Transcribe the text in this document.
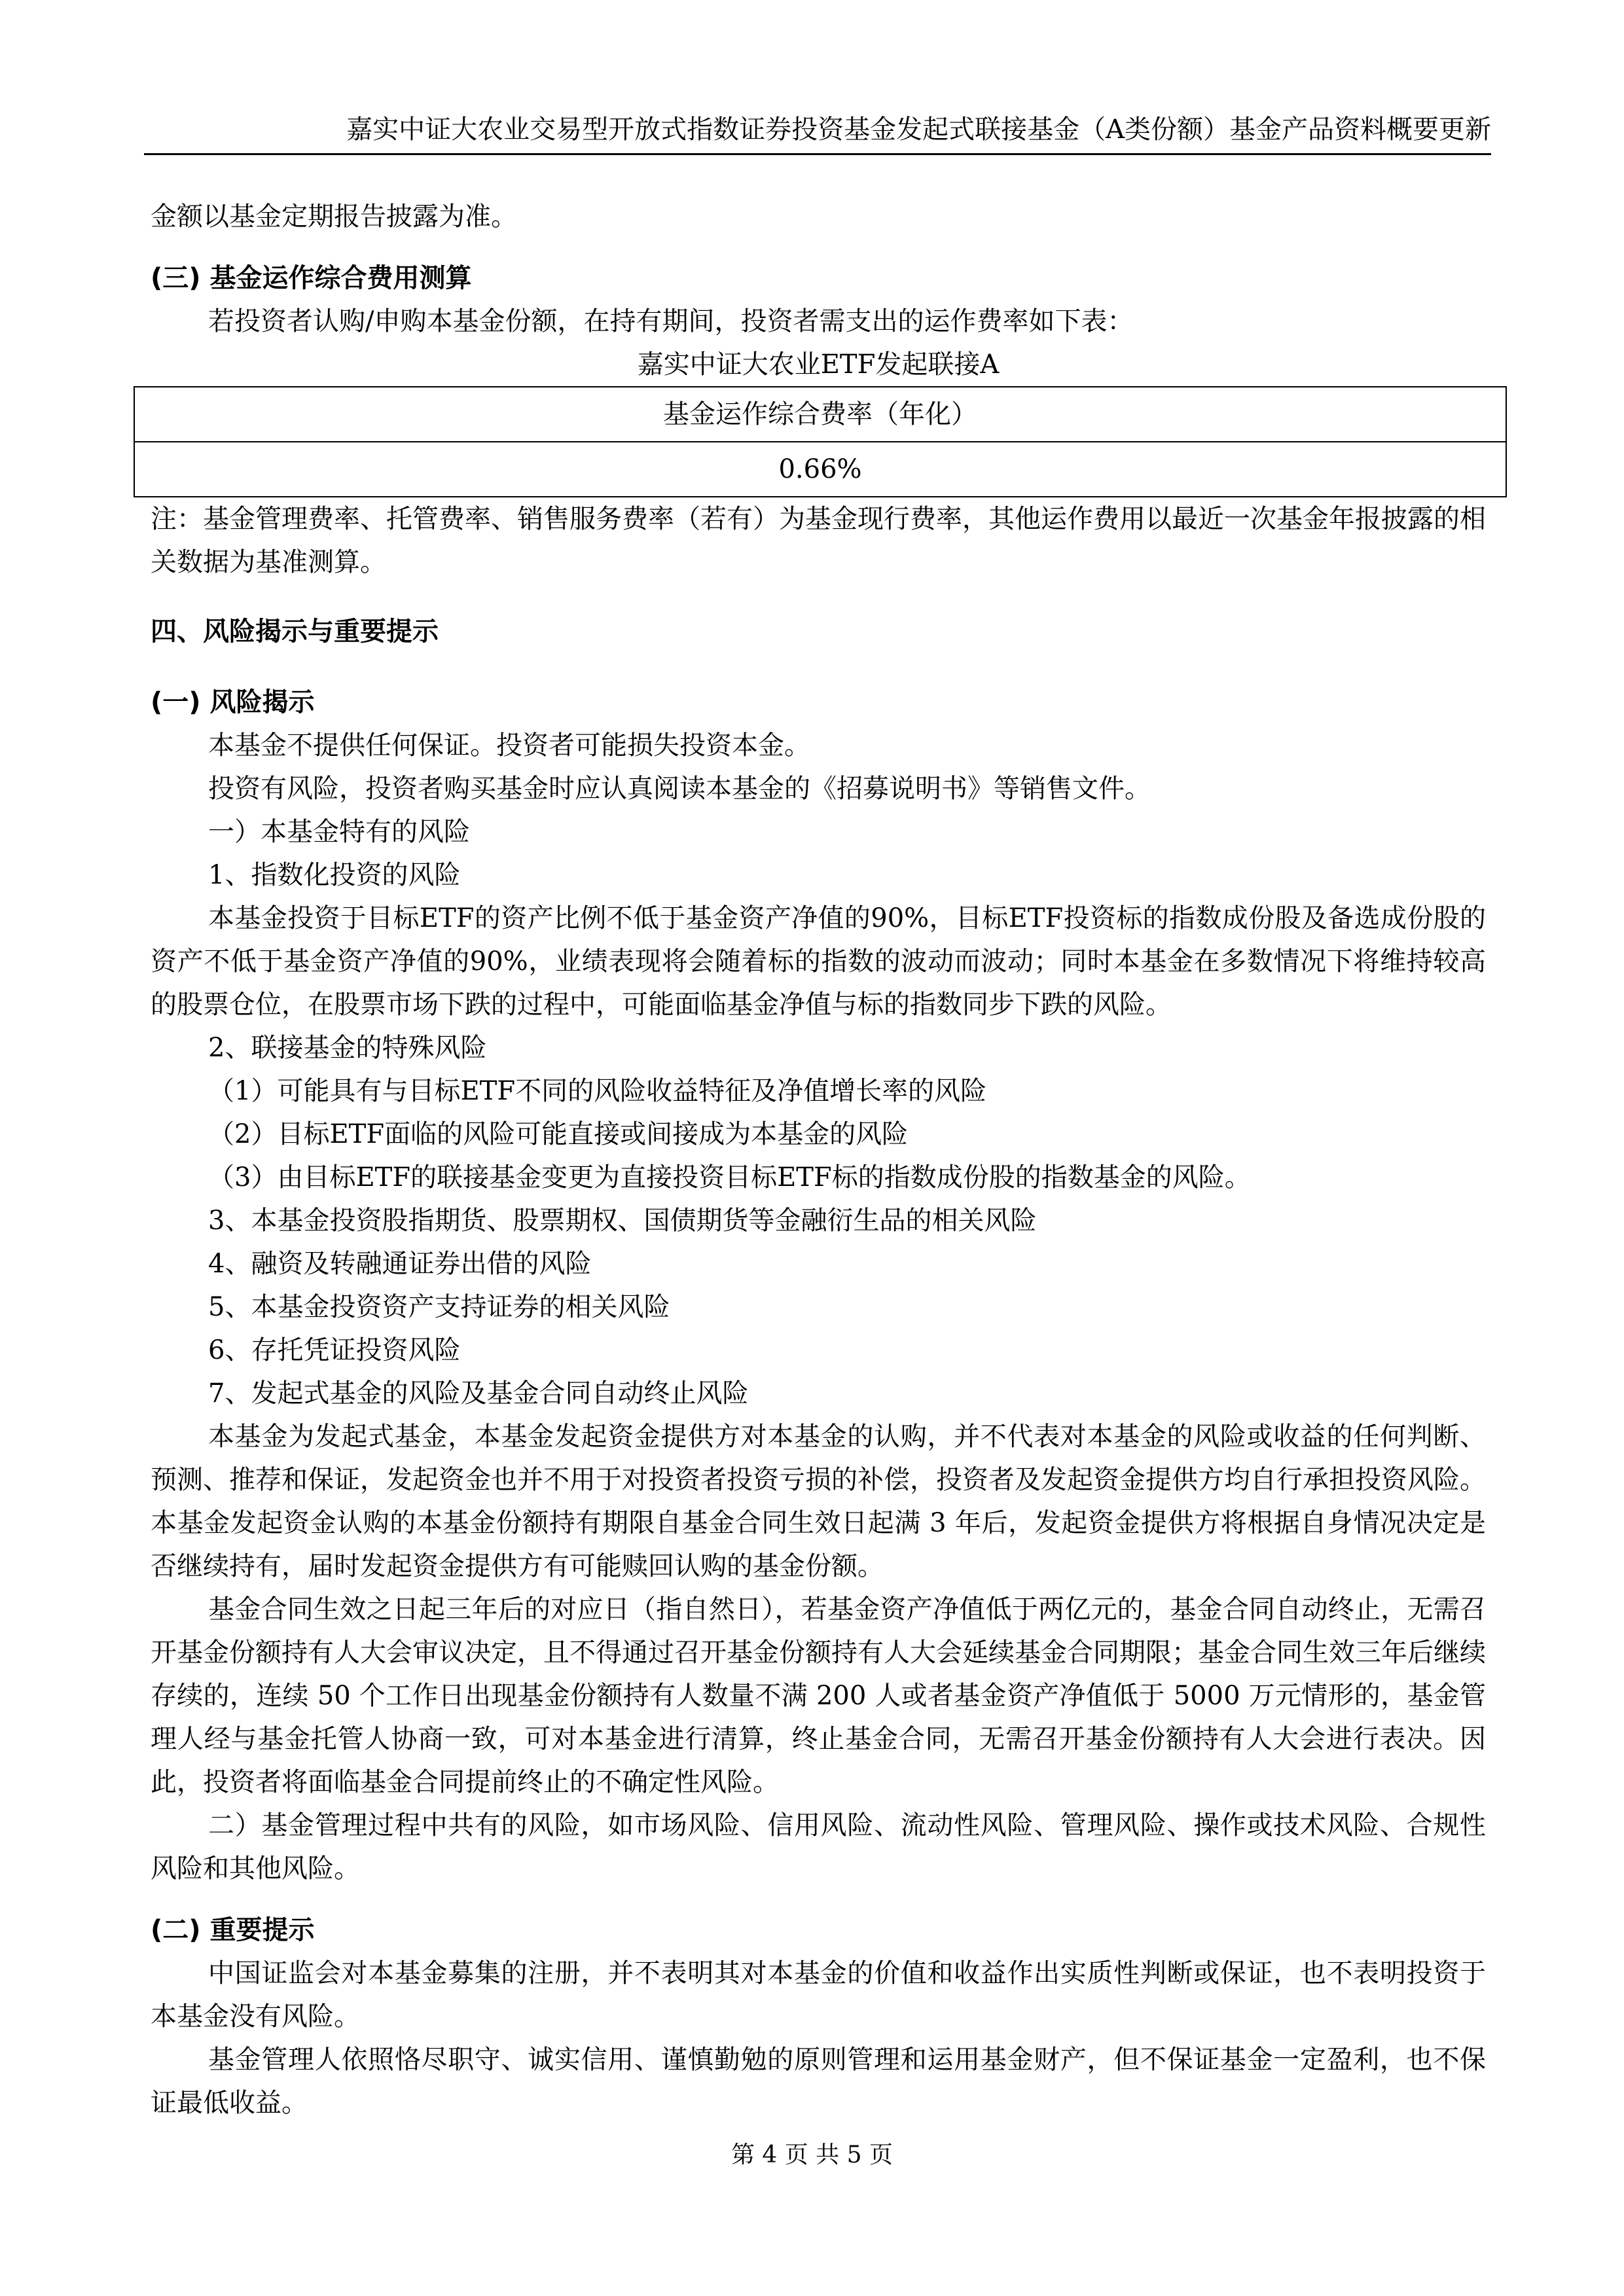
嘉实中证大农业交易型开放式指数证券投资基金发起式联接基金（A类份额）基金产品资料概要更新

金额以基金定期报告披露为准。

(三) 基金运作综合费用测算

若投资者认购/申购本基金份额，在持有期间，投资者需支出的运作费率如下表：

嘉实中证大农业ETF发起联接A

基金运作综合费率（年化）
0.66%

注：基金管理费率、托管费率、销售服务费率（若有）为基金现行费率，其他运作费用以最近一次基金年报披露的相关数据为基准测算。

四、风险揭示与重要提示

(一) 风险揭示

本基金不提供任何保证。投资者可能损失投资本金。

投资有风险，投资者购买基金时应认真阅读本基金的《招募说明书》等销售文件。

一）本基金特有的风险

1、指数化投资的风险

本基金投资于目标ETF的资产比例不低于基金资产净值的90%，目标ETF投资标的指数成份股及备选成份股的资产不低于基金资产净值的90%，业绩表现将会随着标的指数的波动而波动；同时本基金在多数情况下将维持较高的股票仓位，在股票市场下跌的过程中，可能面临基金净值与标的指数同步下跌的风险。

2、联接基金的特殊风险

（1）可能具有与目标ETF不同的风险收益特征及净值增长率的风险

（2）目标ETF面临的风险可能直接或间接成为本基金的风险

（3）由目标ETF的联接基金变更为直接投资目标ETF标的指数成份股的指数基金的风险。

3、本基金投资股指期货、股票期权、国债期货等金融衍生品的相关风险

4、融资及转融通证券出借的风险

5、本基金投资资产支持证券的相关风险

6、存托凭证投资风险

7、发起式基金的风险及基金合同自动终止风险

本基金为发起式基金，本基金发起资金提供方对本基金的认购，并不代表对本基金的风险或收益的任何判断、预测、推荐和保证，发起资金也并不用于对投资者投资亏损的补偿，投资者及发起资金提供方均自行承担投资风险。本基金发起资金认购的本基金份额持有期限自基金合同生效日起满 3 年后，发起资金提供方将根据自身情况决定是否继续持有，届时发起资金提供方有可能赎回认购的基金份额。

基金合同生效之日起三年后的对应日（指自然日），若基金资产净值低于两亿元的，基金合同自动终止，无需召开基金份额持有人大会审议决定，且不得通过召开基金份额持有人大会延续基金合同期限；基金合同生效三年后继续存续的，连续 50 个工作日出现基金份额持有人数量不满 200 人或者基金资产净值低于 5000 万元情形的，基金管理人经与基金托管人协商一致，可对本基金进行清算，终止基金合同，无需召开基金份额持有人大会进行表决。因此，投资者将面临基金合同提前终止的不确定性风险。

二）基金管理过程中共有的风险，如市场风险、信用风险、流动性风险、管理风险、操作或技术风险、合规性风险和其他风险。

(二) 重要提示

中国证监会对本基金募集的注册，并不表明其对本基金的价值和收益作出实质性判断或保证，也不表明投资于本基金没有风险。

基金管理人依照恪尽职守、诚实信用、谨慎勤勉的原则管理和运用基金财产，但不保证基金一定盈利，也不保证最低收益。

第 4 页 共 5 页
